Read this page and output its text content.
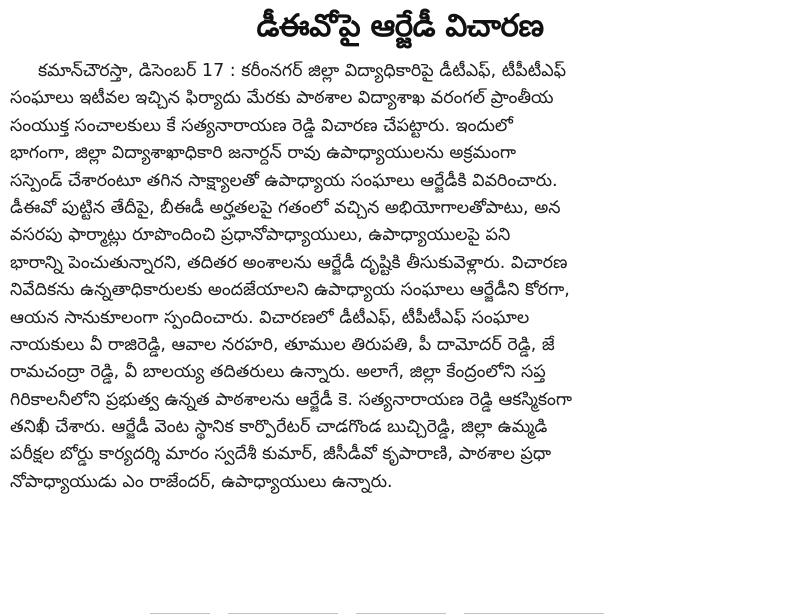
డీఈవోపై ఆర్జేడీ విచారణ
కమాన్‌చౌరస్తా, డిసెంబర్ 17 : కరీంనగర్ జిల్లా విద్యాధికారిపై డీటీఎఫ్, టీపీటీఎఫ్
సంఘాలు ఇటీవల ఇచ్చిన ఫిర్యాదు మేరకు పాఠశాల విద్యాశాఖ వరంగల్ ప్రాంతీయ
సంయుక్త సంచాలకులు కే సత్యనారాయణ రెడ్డి విచారణ చేపట్టారు. ఇందులో
భాగంగా, జిల్లా విద్యాశాఖాధికారి జనార్దన్ రావు ఉపాధ్యాయులను అక్రమంగా
సస్పెండ్ చేశారంటూ తగిన సాక్ష్యాలతో ఉపాధ్యాయ సంఘాలు ఆర్జేడీకి వివరించారు.
డీఈవో పుట్టిన తేదీపై, బీఈడీ అర్హతలపై గతంలో వచ్చిన అభియోగాలతోపాటు, అన
వసరపు ఫార్మాట్లు రూపొందించి ప్రధానోపాధ్యాయులు, ఉపాధ్యాయులపై పని
భారాన్ని పెంచుతున్నారని, తదితర అంశాలను ఆర్జేడీ దృష్టికి తీసుకువెళ్లారు. విచారణ
నివేదికను ఉన్నతాధికారులకు అందజేయాలని ఉపాధ్యాయ సంఘాలు ఆర్జేడీని కోరగా,
ఆయన సానుకూలంగా స్పందించారు. విచారణలో డీటీఎఫ్, టీపీటీఎఫ్ సంఘాల
నాయకులు వీ రాజిరెడ్డి, ఆవాల నరహరి, తూముల తిరుపతి, పీ దామోదర్ రెడ్డి, జే
రామచంద్రా రెడ్డి, వీ బాలయ్య తదితరులు ఉన్నారు. అలాగే, జిల్లా కేంద్రంలోని సప్త
గిరికాలనీలోని ప్రభుత్వ ఉన్నత పాఠశాలను ఆర్జేడీ కె. సత్యనారాయణ రెడ్డి ఆకస్మికంగా
తనిఖీ చేశారు. ఆర్జేడీ వెంట స్థానిక కార్పొరేటర్ చాడగొండ బుచ్చిరెడ్డి, జిల్లా ఉమ్మడి
పరీక్షల బోర్డు కార్యదర్శి మారం స్వదేశీ కుమార్, జీసీడీవో కృపారాణి, పాఠశాల ప్రధా
నోపాధ్యాయుడు ఎం రాజేందర్, ఉపాధ్యాయులు ఉన్నారు.
